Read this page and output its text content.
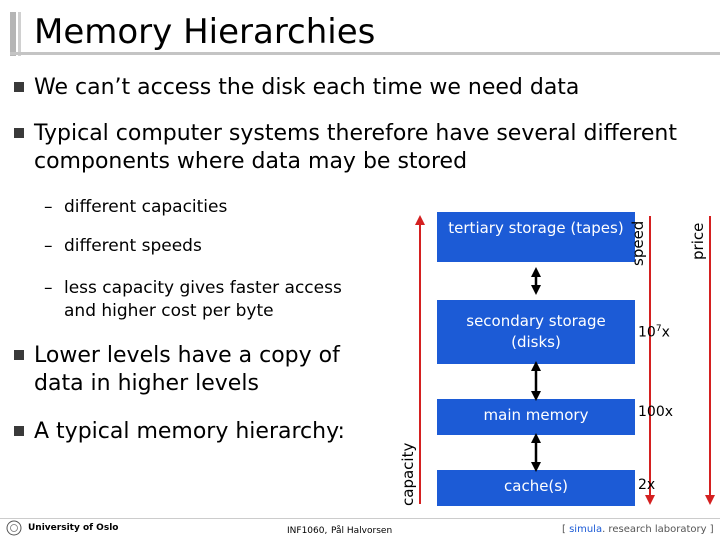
Memory Hierarchies
We can’t access the disk each time we need data
Typical computer systems therefore have several different
components where data may be stored
– different capacities
– different speeds
– less capacity gives faster access
and higher cost per byte
Lower levels have a copy of
data in higher levels
A typical memory hierarchy:
tertiary storage (tapes)
secondary storage
(disks)
main memory
cache(s)
capacity
speed	price
$10^7x$
100x
2x
University of Oslo	INF1060, Pål Halvorsen	[ simula. research laboratory ]
